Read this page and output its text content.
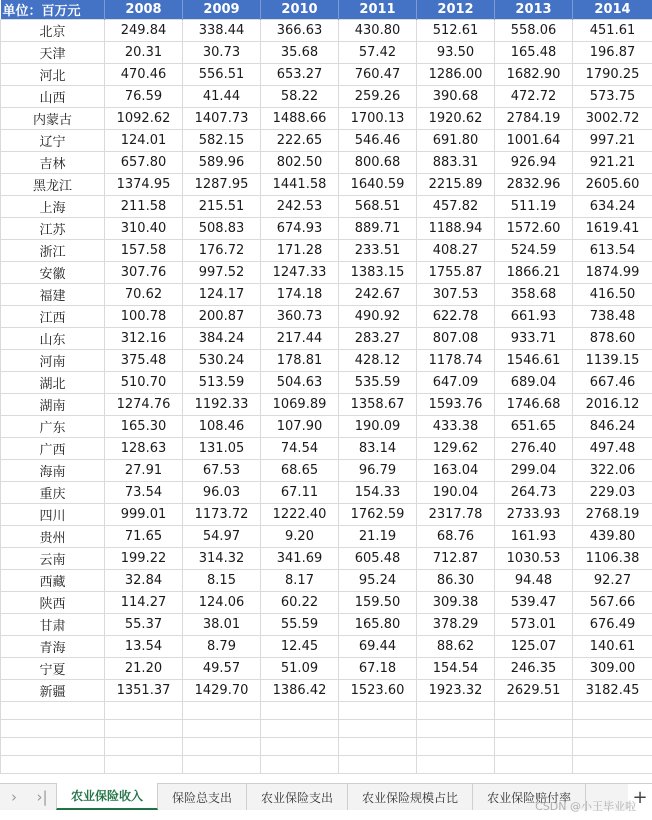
单位：百万元	2008	2009	2010	2011	2012	2013	2014
北京	249.84	338.44	366.63	430.80	512.61	558.06	451.61
天津	20.31	30.73	35.68	57.42	93.50	165.48	196.87
河北	470.46	556.51	653.27	760.47	1286.00	1682.90	1790.25
山西	76.59	41.44	58.22	259.26	390.68	472.72	573.75
内蒙古	1092.62	1407.73	1488.66	1700.13	1920.62	2784.19	3002.72
辽宁	124.01	582.15	222.65	546.46	691.80	1001.64	997.21
吉林	657.80	589.96	802.50	800.68	883.31	926.94	921.21
黑龙江	1374.95	1287.95	1441.58	1640.59	2215.89	2832.96	2605.60
上海	211.58	215.51	242.53	568.51	457.82	511.19	634.24
江苏	310.40	508.83	674.93	889.71	1188.94	1572.60	1619.41
浙江	157.58	176.72	171.28	233.51	408.27	524.59	613.54
安徽	307.76	997.52	1247.33	1383.15	1755.87	1866.21	1874.99
福建	70.62	124.17	174.18	242.67	307.53	358.68	416.50
江西	100.78	200.87	360.73	490.92	622.78	661.93	738.48
山东	312.16	384.24	217.44	283.27	807.08	933.71	878.60
河南	375.48	530.24	178.81	428.12	1178.74	1546.61	1139.15
湖北	510.70	513.59	504.63	535.59	647.09	689.04	667.46
湖南	1274.76	1192.33	1069.89	1358.67	1593.76	1746.68	2016.12
广东	165.30	108.46	107.90	190.09	433.38	651.65	846.24
广西	128.63	131.05	74.54	83.14	129.62	276.40	497.48
海南	27.91	67.53	68.65	96.79	163.04	299.04	322.06
重庆	73.54	96.03	67.11	154.33	190.04	264.73	229.03
四川	999.01	1173.72	1222.40	1762.59	2317.78	2733.93	2768.19
贵州	71.65	54.97	9.20	21.19	68.76	161.93	439.80
云南	199.22	314.32	341.69	605.48	712.87	1030.53	1106.38
西藏	32.84	8.15	8.17	95.24	86.30	94.48	92.27
陕西	114.27	124.06	60.22	159.50	309.38	539.47	567.66
甘肃	55.37	38.01	55.59	165.80	378.29	573.01	676.49
青海	13.54	8.79	12.45	69.44	88.62	125.07	140.61
宁夏	21.20	49.57	51.09	67.18	154.54	246.35	309.00
新疆	1351.37	1429.70	1386.42	1523.60	1923.32	2629.51	3182.45

›	›|	农业保险收入	保险总支出	农业保险支出	农业保险规模占比	农业保险赔付率	+
CSDN @小王毕业啦
